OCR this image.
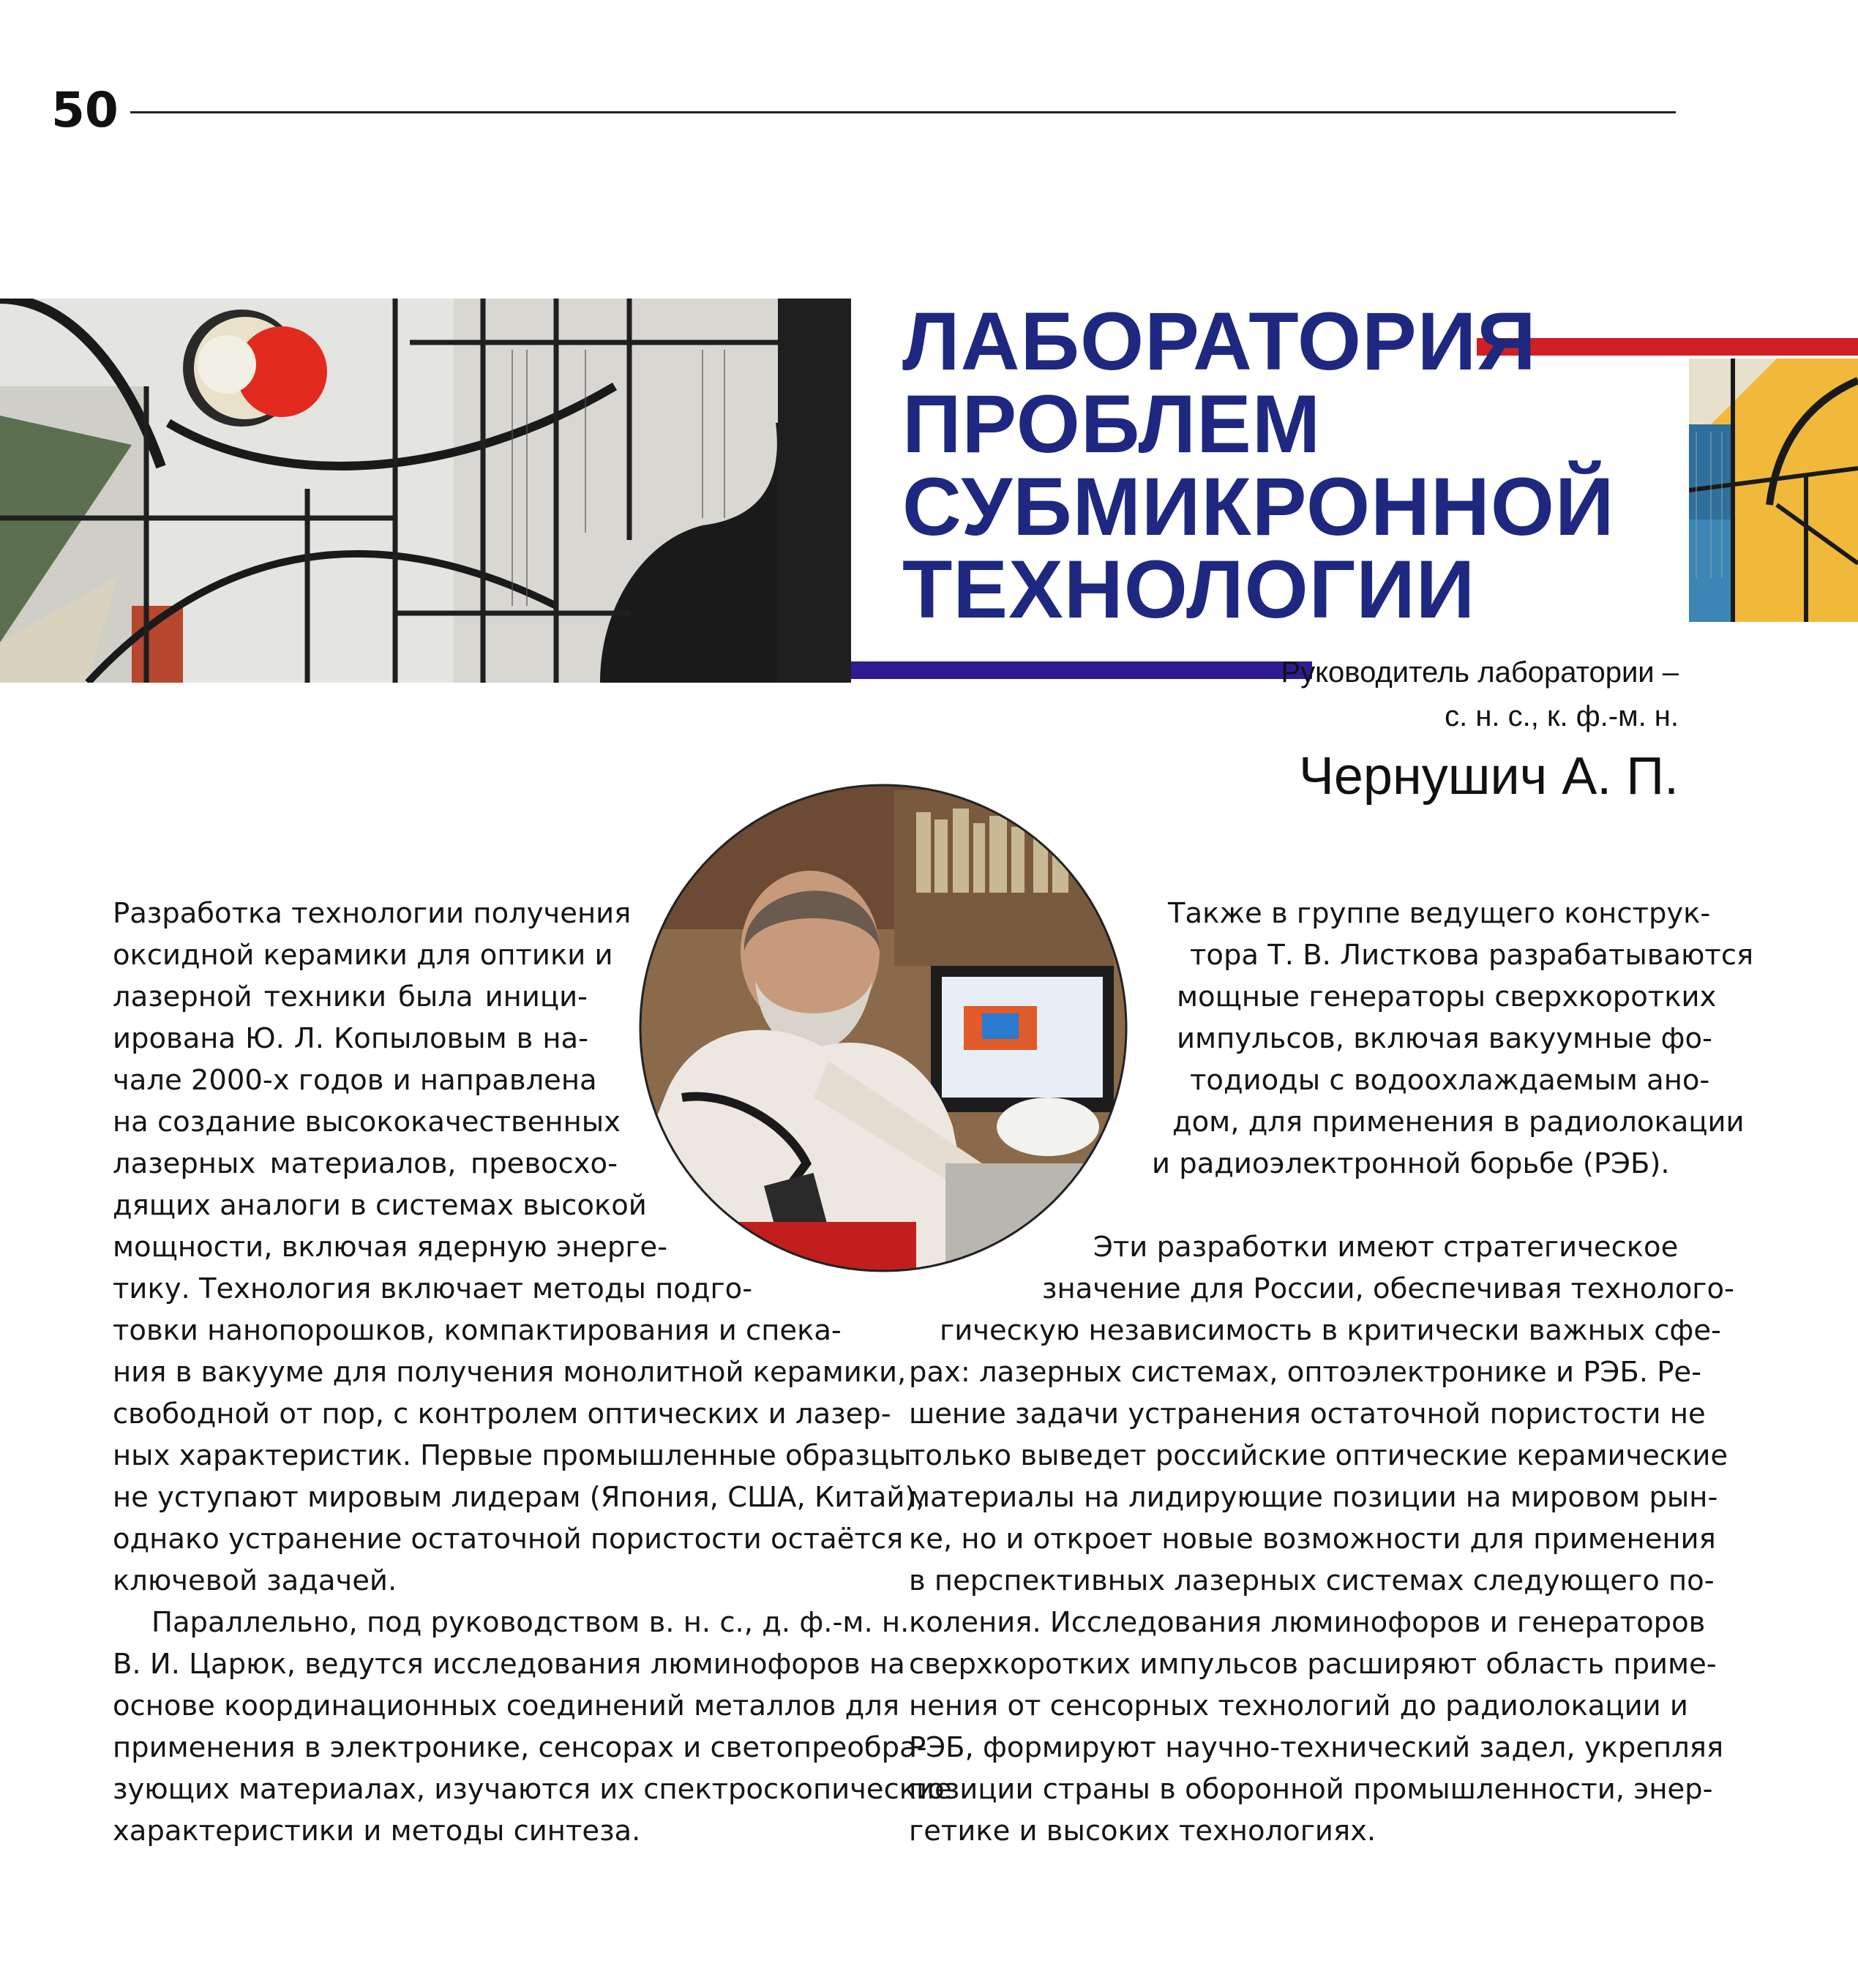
50
ЛАБОРАТОРИЯ
ПРОБЛЕМ
СУБМИКРОННОЙ
ТЕХНОЛОГИИ
Руководитель лаборатории –
с. н. с., к. ф.-м. н.
Чернушич А. П.
Разработка технологии получения
оксидной керамики для оптики и
лазерной техники была иници-
ирована Ю. Л. Копыловым в на-
чале 2000-х годов и направлена
на создание высококачественных
лазерных материалов, превосхо-
дящих аналоги в системах высокой
мощности, включая ядерную энерге-
тику. Технология включает методы подго-
товки нанопорошков, компактирования и спека-
ния в вакууме для получения монолитной керамики,
свободной от пор, с контролем оптических и лазер-
ных характеристик. Первые промышленные образцы
не уступают мировым лидерам (Япония, США, Китай),
однако устранение остаточной пористости остаётся
ключевой задачей.
Параллельно, под руководством в. н. с., д. ф.-м. н.
В. И. Царюк, ведутся исследования люминофоров на
основе координационных соединений металлов для
применения в электронике, сенсорах и светопреобра-
зующих материалах, изучаются их спектроскопические
характеристики и методы синтеза.
Также в группе ведущего конструк-
тора Т. В. Листкова разрабатываются
мощные генераторы сверхкоротких
импульсов, включая вакуумные фо-
тодиоды с водоохлаждаемым ано-
дом, для применения в радиолокации
и радиоэлектронной борьбе (РЭБ).
Эти разработки имеют стратегическое
значение для России, обеспечивая технолого-
гическую независимость в критически важных сфе-
рах: лазерных системах, оптоэлектронике и РЭБ. Ре-
шение задачи устранения остаточной пористости не
только выведет российские оптические керамические
материалы на лидирующие позиции на мировом рын-
ке, но и откроет новые возможности для применения
в перспективных лазерных системах следующего по-
коления. Исследования люминофоров и генераторов
сверхкоротких импульсов расширяют область приме-
нения от сенсорных технологий до радиолокации и
РЭБ, формируют научно-технический задел, укрепляя
позиции страны в оборонной промышленности, энер-
гетике и высоких технологиях.
